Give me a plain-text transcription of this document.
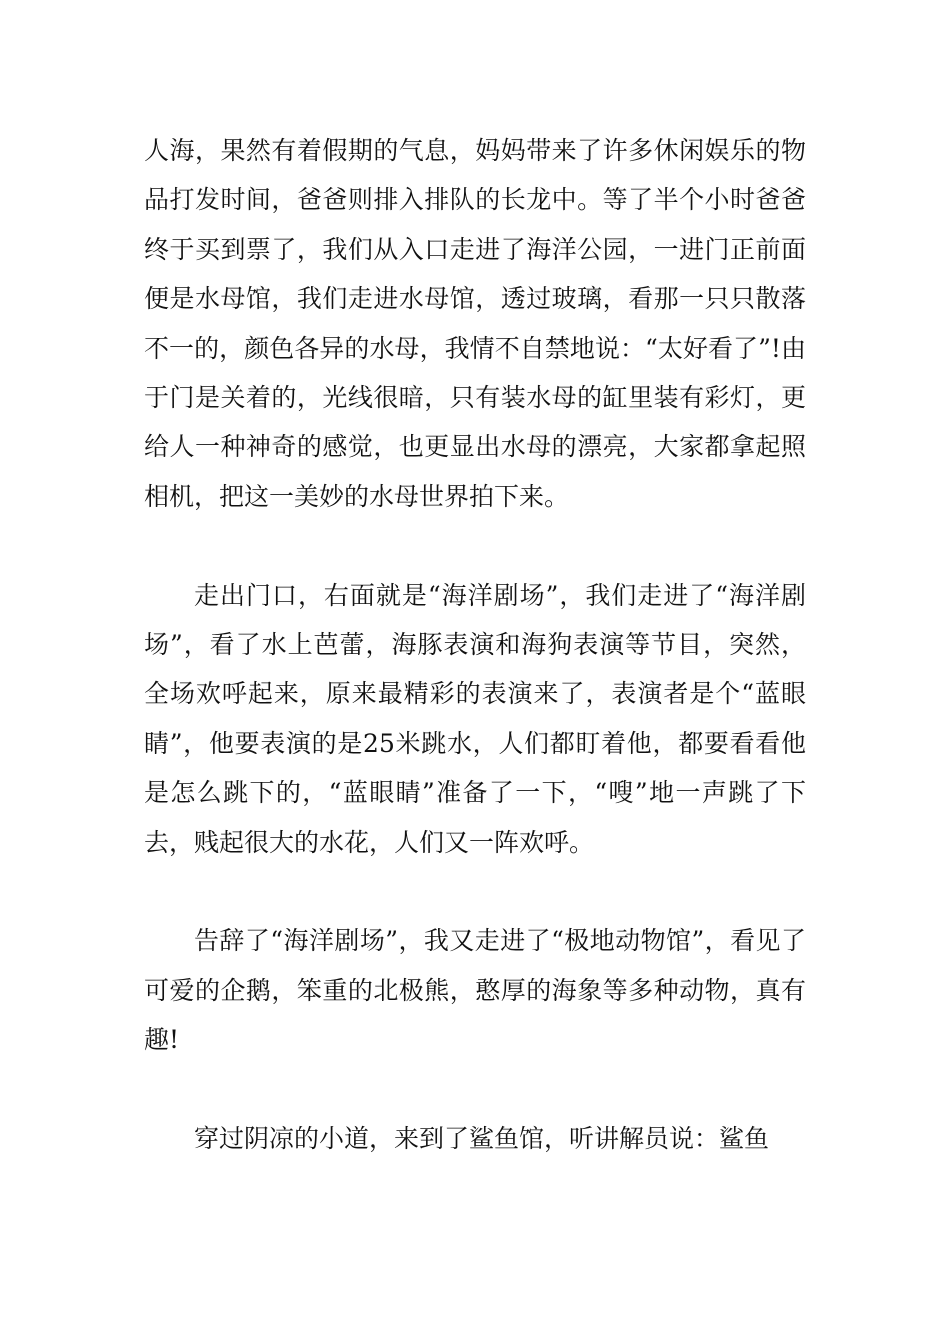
人海，果然有着假期的气息，妈妈带来了许多休闲娱乐的物品打发时间，爸爸则排入排队的长龙中。等了半个小时爸爸终于买到票了，我们从入口走进了海洋公园，一进门正前面便是水母馆，我们走进水母馆，透过玻璃，看那一只只散落不一的，颜色各异的水母，我情不自禁地说：“太好看了”!由于门是关着的，光线很暗，只有装水母的缸里装有彩灯，更给人一种神奇的感觉，也更显出水母的漂亮，大家都拿起照相机，把这一美妙的水母世界拍下来。

走出门口，右面就是“海洋剧场”，我们走进了“海洋剧场”，看了水上芭蕾，海豚表演和海狗表演等节目，突然，全场欢呼起来，原来最精彩的表演来了，表演者是个“蓝眼睛”，他要表演的是25米跳水，人们都盯着他，都要看看他是怎么跳下的，“蓝眼睛”准备了一下，“嗖”地一声跳了下去，贱起很大的水花，人们又一阵欢呼。

告辞了“海洋剧场”，我又走进了“极地动物馆”，看见了可爱的企鹅，笨重的北极熊，憨厚的海象等多种动物，真有趣!

穿过阴凉的小道，来到了鲨鱼馆，听讲解员说：鲨鱼
